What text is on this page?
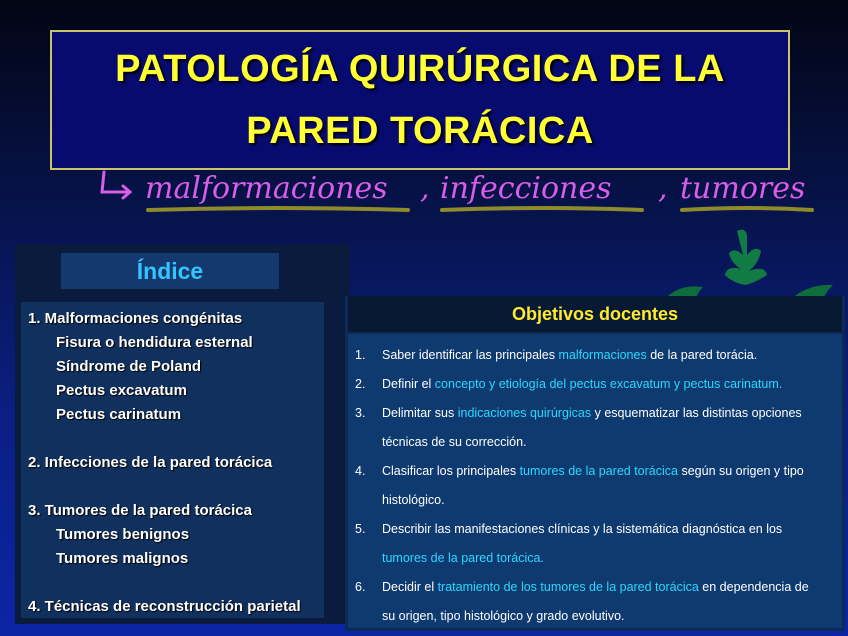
PATOLOGÍA QUIRÚRGICA DE LA
PARED TORÁCICA
malformaciones , infecciones , tumores
Índice
1. Malformaciones congénitas
Fisura o hendidura esternal
Síndrome de Poland
Pectus excavatum
Pectus carinatum
2. Infecciones de la pared torácica
3. Tumores de la pared torácica
Tumores benignos
Tumores malignos
4. Técnicas de reconstrucción parietal
Objetivos docentes
1. Saber identificar las principales malformaciones de la pared torácia.
2. Definir el concepto y etiología del pectus excavatum y pectus carinatum.
3. Delimitar sus indicaciones quirúrgicas y esquematizar las distintas opciones
técnicas de su corrección.
4. Clasificar los principales tumores de la pared torácica según su origen y tipo
histológico.
5. Describir las manifestaciones clínicas y la sistemática diagnóstica en los
tumores de la pared torácica.
6. Decidir el tratamiento de los tumores de la pared torácica en dependencia de
su origen, tipo histológico y grado evolutivo.
